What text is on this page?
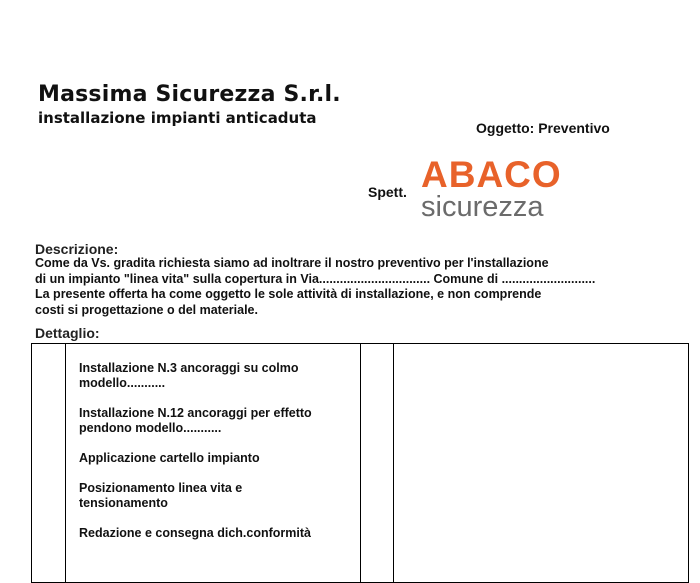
Massima Sicurezza S.r.l.
installazione impianti anticaduta
Oggetto: Preventivo
Spett. ABACO
sicurezza
Descrizione:
Come da Vs. gradita richiesta siamo ad inoltrare il nostro preventivo per l'installazione
di un impianto "linea vita" sulla copertura in Via................................ Comune di ...........................
La presente offerta ha come oggetto le sole attività di installazione, e non comprende
costi si progettazione o del materiale.
Dettaglio:
Installazione N.3 ancoraggi su colmo
modello...........
Installazione N.12 ancoraggi per effetto
pendono modello...........
Applicazione cartello impianto
Posizionamento linea vita e
tensionamento
Redazione e consegna dich.conformità
